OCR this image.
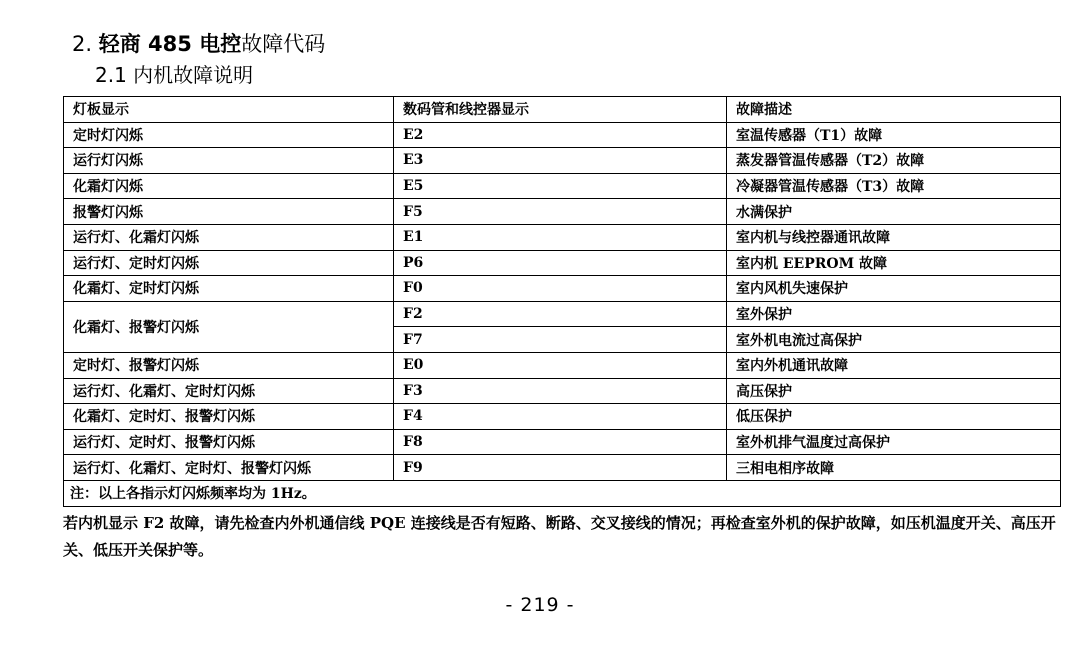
2. 轻商 485 电控故障代码
2.1 内机故障说明
灯板显示	数码管和线控器显示	故障描述
定时灯闪烁	E2	室温传感器（T1）故障
运行灯闪烁	E3	蒸发器管温传感器（T2）故障
化霜灯闪烁	E5	冷凝器管温传感器（T3）故障
报警灯闪烁	F5	水满保护
运行灯、化霜灯闪烁	E1	室内机与线控器通讯故障
运行灯、定时灯闪烁	P6	室内机 EEPROM 故障
化霜灯、定时灯闪烁	F0	室内风机失速保护
化霜灯、报警灯闪烁	F2	室外保护
	F7	室外机电流过高保护
定时灯、报警灯闪烁	E0	室内外机通讯故障
运行灯、化霜灯、定时灯闪烁	F3	高压保护
化霜灯、定时灯、报警灯闪烁	F4	低压保护
运行灯、定时灯、报警灯闪烁	F8	室外机排气温度过高保护
运行灯、化霜灯、定时灯、报警灯闪烁	F9	三相电相序故障
注：以上各指示灯闪烁频率均为 1Hz。		
若内机显示 F2 故障，请先检查内外机通信线 PQE 连接线是否有短路、断路、交叉接线的情况；再检查室外机的保护故障，如压机温度开关、高压开关、低压开关保护等。
- 219 -
